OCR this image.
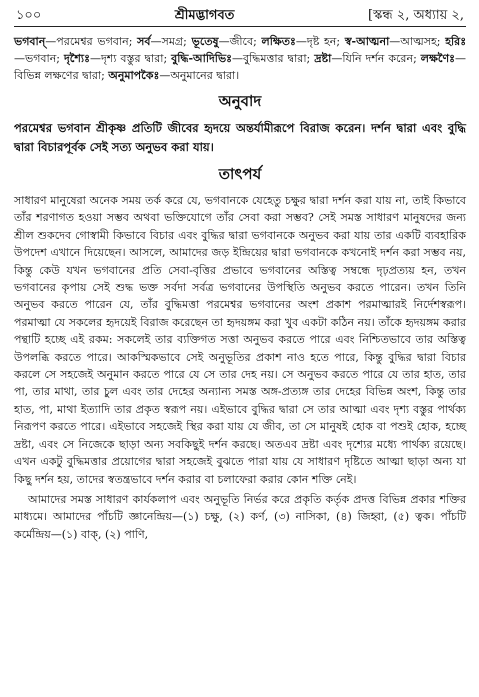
১০০	শ্রীমদ্ভাগবত	[স্কন্ধ ২, অধ্যায় ২,

ভগবান্—পরমেশ্বর ভগবান; সর্ব—সমগ্র; ভূতেষু—জীবে; লক্ষিতঃ—দৃষ্ট হন; স্ব-আত্মনা—আত্মসহ; হরিঃ—ভগবান; দৃশ্যৈঃ—দৃশ্য বস্তুর দ্বারা; বুদ্ধি-আদিভিঃ—বুদ্ধিমত্তার দ্বারা; দ্রষ্টা—যিনি দর্শন করেন; লক্ষণৈঃ—বিভিন্ন লক্ষণের দ্বারা; অনুমাপকৈঃ—অনুমানের দ্বারা।

অনুবাদ

পরমেশ্বর ভগবান শ্রীকৃষ্ণ প্রতিটি জীবের হৃদয়ে অন্তর্যামীরূপে বিরাজ করেন। দর্শন দ্বারা এবং বুদ্ধি দ্বারা বিচারপূর্বক সেই সত্য অনুভব করা যায়।

তাৎপর্য

সাধারণ মানুষেরা অনেক সময় তর্ক করে যে, ভগবানকে যেহেতু চক্ষুর দ্বারা দর্শন করা যায় না, তাই কিভাবে তাঁর শরণাগত হওয়া সম্ভব অথবা ভক্তিযোগে তাঁর সেবা করা সম্ভব? সেই সমস্ত সাধারণ মানুষদের জন্য শ্রীল শুকদেব গোস্বামী কিভাবে বিচার এবং বুদ্ধির দ্বারা ভগবানকে অনুভব করা যায় তার একটি ব্যবহারিক উপদেশ এখানে দিয়েছেন। আসলে, আমাদের জড় ইন্দ্রিয়ের দ্বারা ভগবানকে কখনোই দর্শন করা সম্ভব নয়, কিন্তু কেউ যখন ভগবানের প্রতি সেবা-বৃত্তির প্রভাবে ভগবানের অস্তিত্ব সম্বন্ধে দৃঢ়প্রত্যয় হন, তখন ভগবানের কৃপায় সেই শুদ্ধ ভক্ত সর্বদা সর্বত্র ভগবানের উপস্থিতি অনুভব করতে পারেন। তখন তিনি অনুভব করতে পারেন যে, তাঁর বুদ্ধিমত্তা পরমেশ্বর ভগবানের অংশ প্রকাশ পরমাত্মারই নির্দেশস্বরূপ। পরমাত্মা যে সকলের হৃদয়েই বিরাজ করেছেন তা হৃদয়ঙ্গম করা খুব একটা কঠিন নয়। তাঁকে হৃদয়ঙ্গম করার পন্থাটি হচ্ছে এই রকম: সকলেই তার ব্যক্তিগত সত্তা অনুভব করতে পারে এবং নিশ্চিতভাবে তার অস্তিত্ব উপলব্ধি করতে পারে। আকস্মিকভাবে সেই অনুভূতির প্রকাশ নাও হতে পারে, কিন্তু বুদ্ধির দ্বারা বিচার করলে সে সহজেই অনুমান করতে পারে যে সে তার দেহ নয়। সে অনুভব করতে পারে যে তার হাত, তার পা, তার মাথা, তার চুল এবং তার দেহের অন্যান্য সমস্ত অঙ্গ-প্রত্যঙ্গ তার দেহের বিভিন্ন অংশ, কিন্তু তার হাত, পা, মাথা ইত্যাদি তার প্রকৃত স্বরূপ নয়। এইভাবে বুদ্ধির দ্বারা সে তার আত্মা এবং দৃশ্য বস্তুর পার্থক্য নিরূপণ করতে পারে। এইভাবে সহজেই স্থির করা যায় যে জীব, তা সে মানুষই হোক বা পশুই হোক, হচ্ছে দ্রষ্টা, এবং সে নিজেকে ছাড়া অন্য সবকিছুই দর্শন করছে। অতএব দ্রষ্টা এবং দৃশ্যের মধ্যে পার্থক্য রয়েছে। এখন একটু বুদ্ধিমত্তার প্রয়োগের দ্বারা সহজেই বুঝতে পারা যায় যে সাধারণ দৃষ্টিতে আত্মা ছাড়া অন্য যা কিছু দর্শন হয়, তাদের স্বতন্ত্রভাবে দর্শন করার বা চলাফেরা করার কোন শক্তি নেই।

আমাদের সমস্ত সাধারণ কার্যকলাপ এবং অনুভূতি নির্ভর করে প্রকৃতি কর্তৃক প্রদত্ত বিভিন্ন প্রকার শক্তির মাধ্যমে। আমাদের পাঁচটি জ্ঞানেন্দ্রিয়—(১) চক্ষু, (২) কর্ণ, (৩) নাসিকা, (৪) জিহ্বা, (৫) ত্বক। পাঁচটি কর্মেন্দ্রিয়—(১) বাক্, (২) পাণি,
